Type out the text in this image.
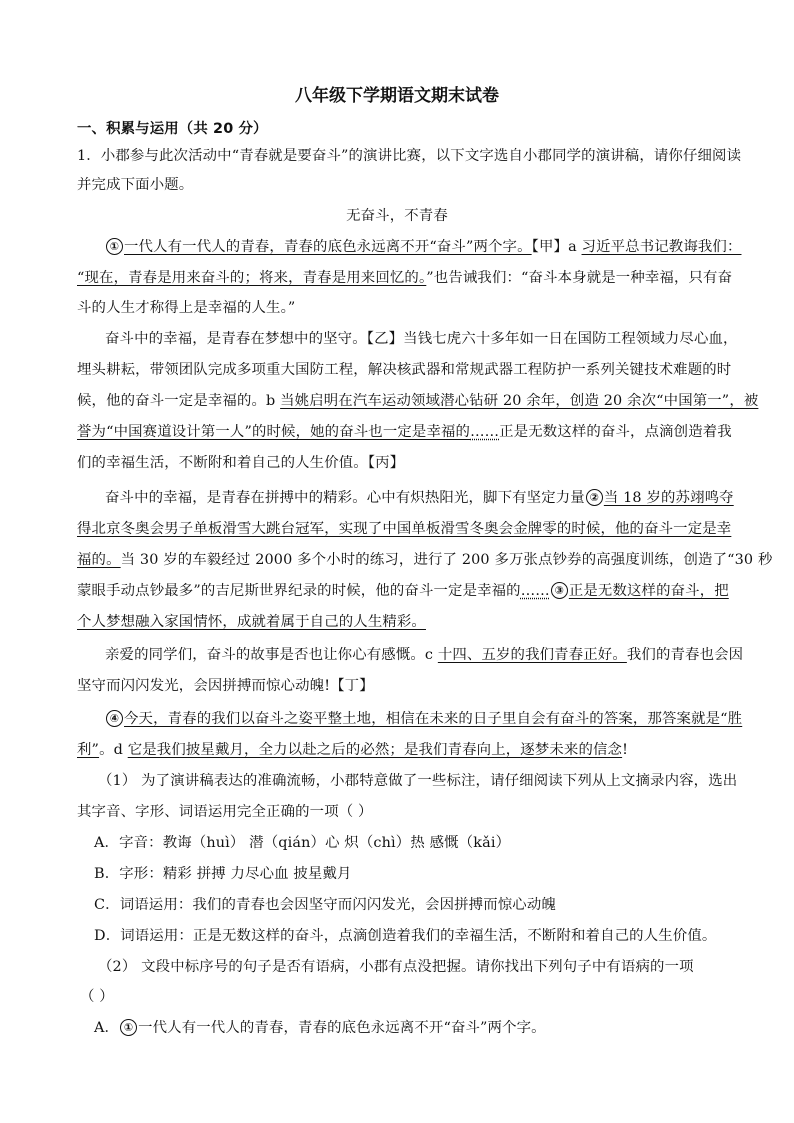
八年级下学期语文期末试卷
一、积累与运用（共 20 分）
1．小郡参与此次活动中“青春就是要奋斗”的演讲比赛，以下文字选自小郡同学的演讲稿，请你仔细阅读
并完成下面小题。
无奋斗，不青春
① 一代人有一代人的青春，青春的底色永远离不开“奋斗”两个字。【甲】a 习近平总书记教诲我们：
“现在，青春是用来奋斗的；将来，青春是用来回忆的。”也告诫我们：“奋斗本身就是一种幸福，只有奋
斗的人生才称得上是幸福的人生。”
奋斗中的幸福，是青春在梦想中的坚守。【乙】当钱七虎六十多年如一日在国防工程领域力尽心血，
埋头耕耘，带领团队完成多项重大国防工程，解决核武器和常规武器工程防护一系列关键技术难题的时
候，他的奋斗一定是幸福的。b 当姚启明在汽车运动领域潜心钻研 20 余年，创造 20 余次“中国第一”，被
誉为“中国赛道设计第一人”的时候，她的奋斗也一定是幸福的……正是无数这样的奋斗，点滴创造着我
们的幸福生活，不断附和着自己的人生价值。【丙】
奋斗中的幸福，是青春在拼搏中的精彩。心中有炽热阳光，脚下有坚定力量 ② 当 18 岁的苏翊鸣夺
得北京冬奥会男子单板滑雪大跳台冠军，实现了中国单板滑雪冬奥会金牌零的时候，他的奋斗一定是幸
福的。当 30 岁的车毅经过 2000 多个小时的练习，进行了 200 多万张点钞券的高强度训练，创造了“30 秒
蒙眼手动点钞最多”的吉尼斯世界纪录的时候，他的奋斗一定是幸福的…… ③ 正是无数这样的奋斗，把
个人梦想融入家国情怀，成就着属于自己的人生精彩。
亲爱的同学们，奋斗的故事是否也让你心有感慨。c 十四、五岁的我们青春正好。我们的青春也会因
坚守而闪闪发光，会因拼搏而惊心动魄!【丁】
④ 今天，青春的我们以奋斗之姿平整土地，相信在未来的日子里自会有奋斗的答案，那答案就是“胜
利”。d 它是我们披星戴月，全力以赴之后的必然；是我们青春向上，逐梦未来的信念!
（1） 为了演讲稿表达的准确流畅，小郡特意做了一些标注，请仔细阅读下列从上文摘录内容，选出
其字音、字形、词语运用完全正确的一项（ ）
A．字音：教诲（huì） 潜（qián）心 炽（chì）热 感慨（kǎi）
B．字形：精彩 拼搏 力尽心血 披星戴月
C．词语运用：我们的青春也会因坚守而闪闪发光，会因拼搏而惊心动魄
D．词语运用：正是无数这样的奋斗，点滴创造着我们的幸福生活，不断附和着自己的人生价值。
（2） 文段中标序号的句子是否有语病，小郡有点没把握。请你找出下列句子中有语病的一项
（ ）
A． ① 一代人有一代人的青春，青春的底色永远离不开“奋斗”两个字。
